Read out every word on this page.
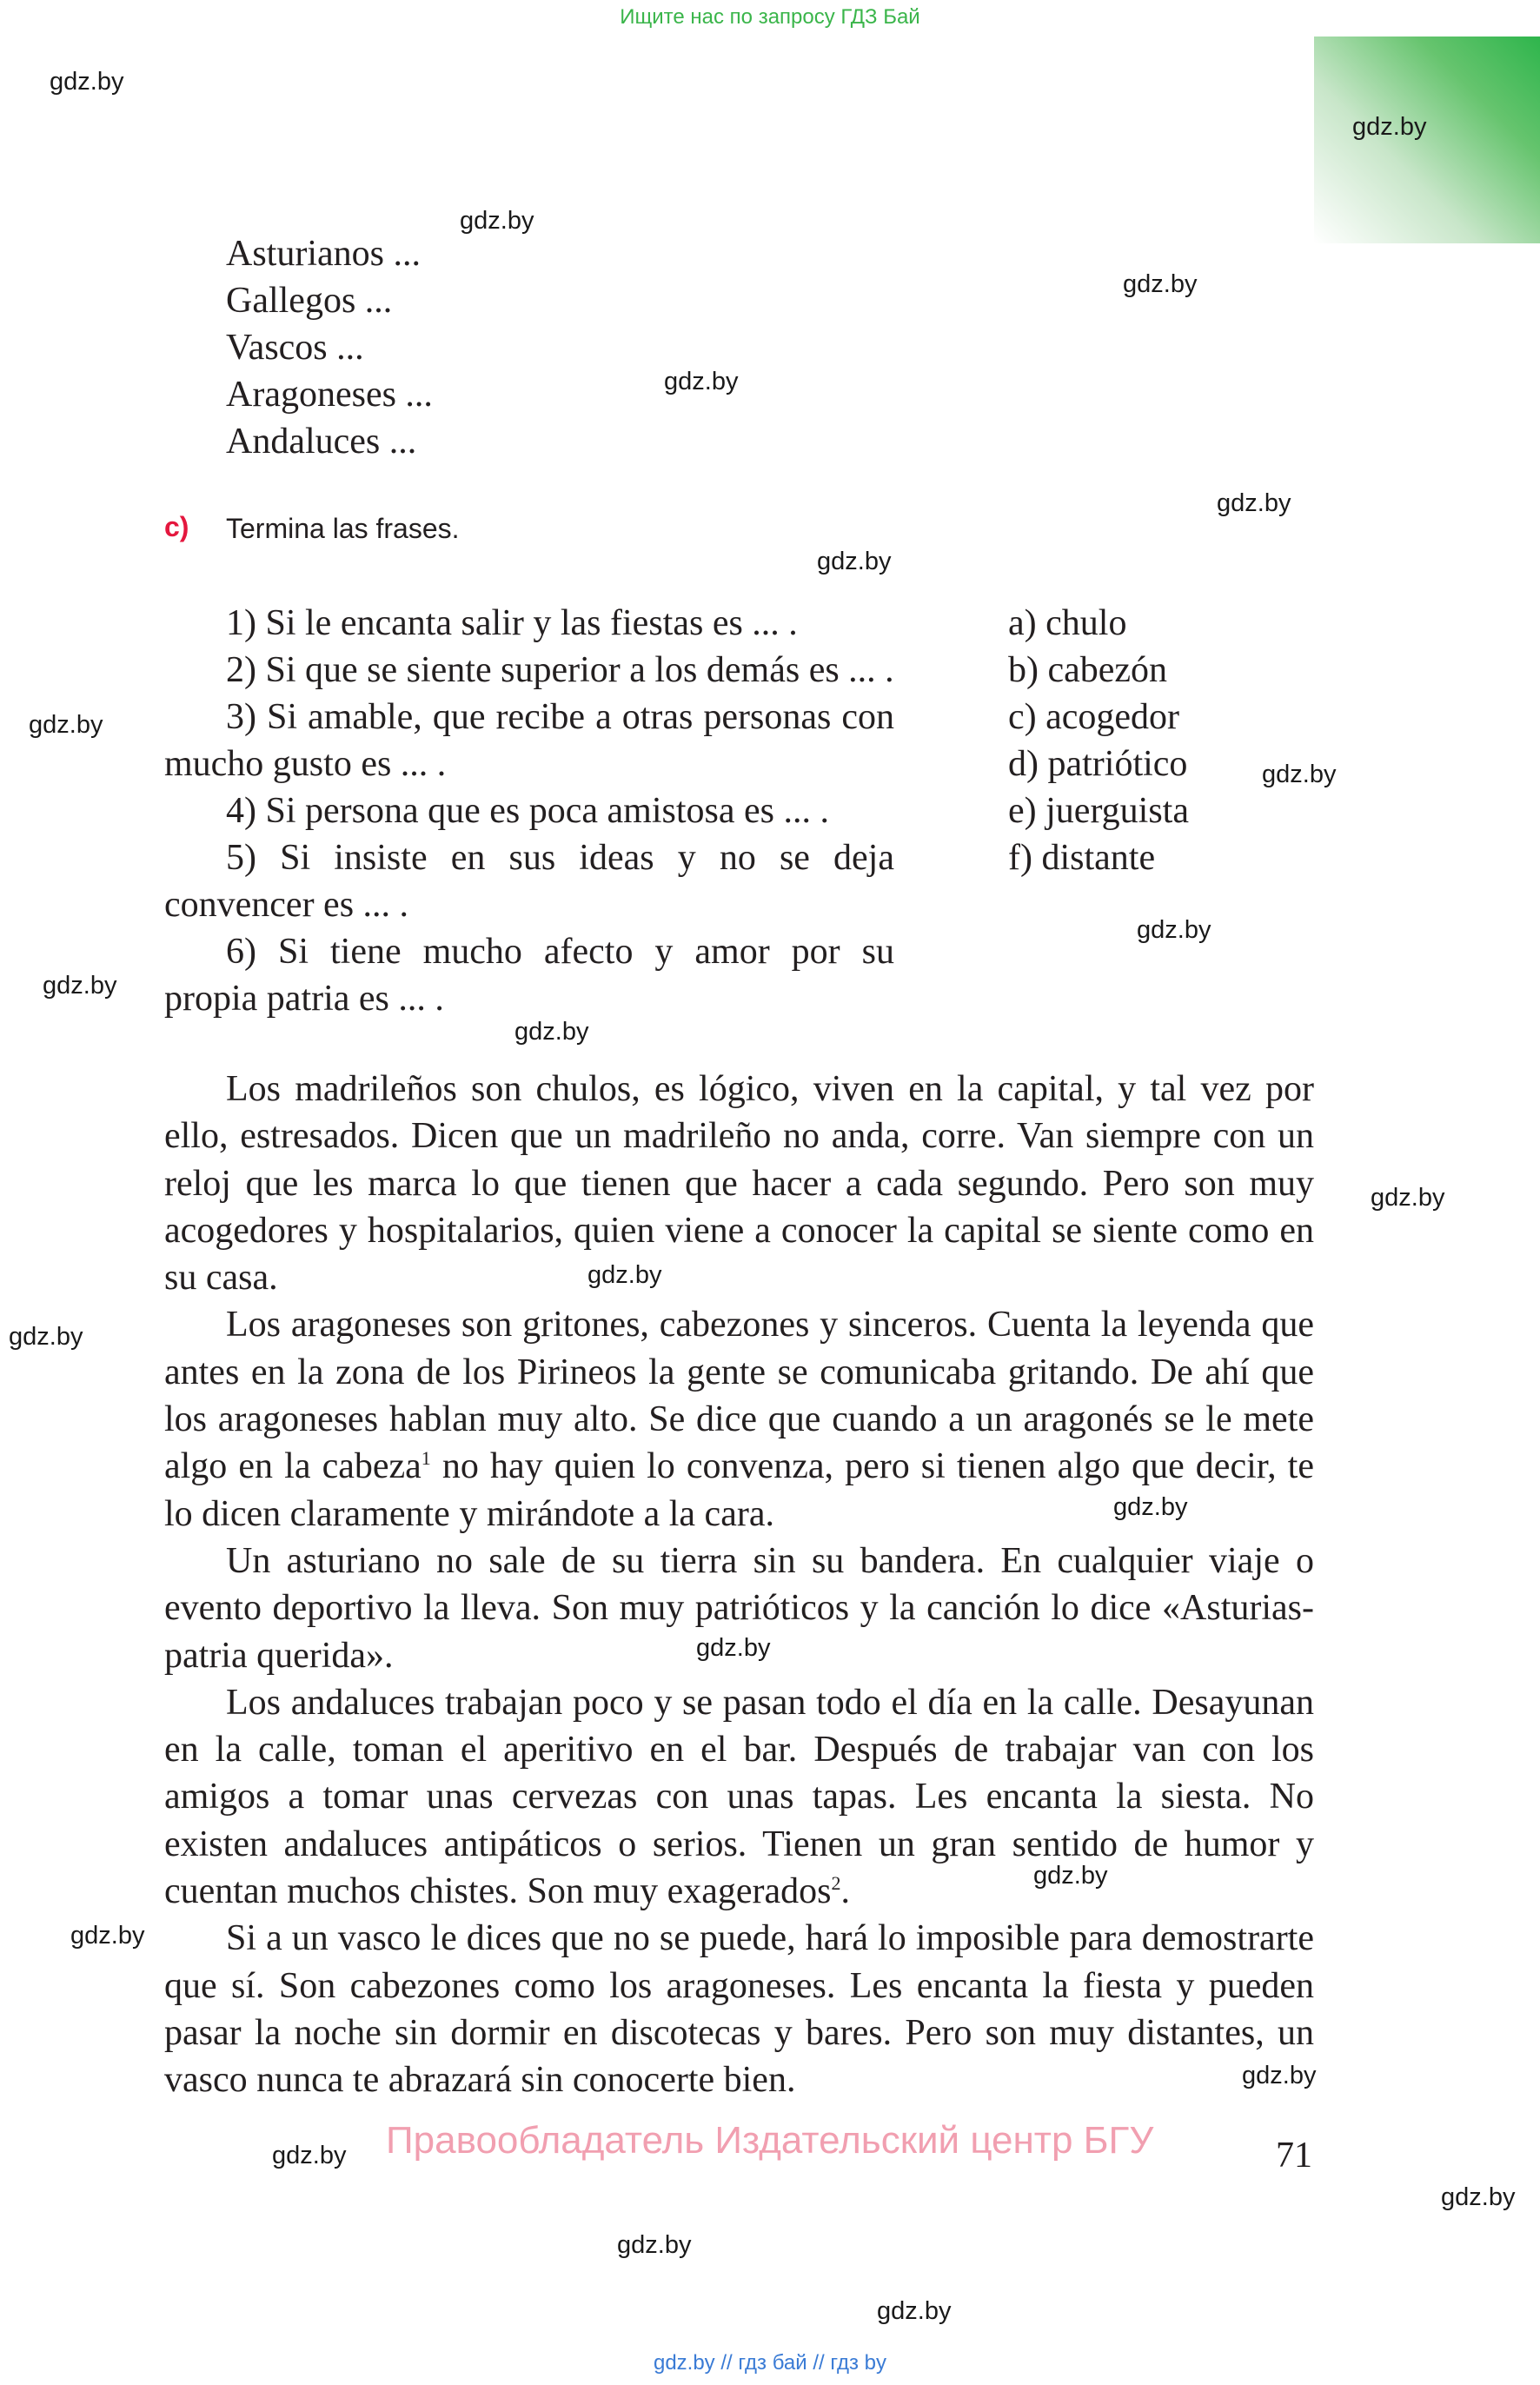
Ищите нас по запросу ГДЗ Бай
gdz.by
gdz.by
gdz.by
gdz.by
gdz.by
gdz.by
gdz.by
gdz.by
gdz.by
gdz.by
gdz.by
gdz.by
gdz.by
gdz.by
gdz.by
gdz.by
gdz.by
gdz.by
gdz.by
gdz.by
gdz.by
gdz.by
gdz.by
gdz.by
Asturianos ...
Gallegos ...
Vascos ...
Aragoneses ...
Andaluces ...
c) Termina las frases.

1) Si le encanta salir y las fiestas es ... .

2) Si que se siente superior a los demás es ... .

3) Si amable, que recibe a otras personas con mucho gusto es ... .

4) Si persona que es poca amistosa es ... .

5) Si insiste en sus ideas y no se deja convencer es ... .

6) Si tiene mucho afecto y amor por su propia patria es ... .

a) chulo
b) cabezón
c) acogedor
d) patriótico
e) juerguista
f) distante

Los madrileños son chulos, es lógico, viven en la capital, y tal vez por ello, estresados. Dicen que un madrileño no anda, corre. Van siempre con un reloj que les marca lo que tienen que hacer a cada segundo. Pero son muy acogedores y hospitalarios, quien viene a conocer la capital se siente como en su casa.

Los aragoneses son gritones, cabezones y sinceros. Cuenta la leyenda que antes en la zona de los Pirineos la gente se comunicaba gritando. De ahí que los aragoneses hablan muy alto. Se dice que cuando a un aragonés se le mete algo en la cabeza$^1$ no hay quien lo convenza, pero si tienen algo que decir, te lo dicen claramente y mirándote a la cara.

Un asturiano no sale de su tierra sin su bandera. En cualquier viaje o evento deportivo la lleva. Son muy patrióticos y la canción lo dice «Asturias-patria querida».

Los andaluces trabajan poco y se pasan todo el día en la calle. Desayunan en la calle, toman el aperitivo en el bar. Después de trabajar van con los amigos a tomar unas cervezas con unas tapas. Les encanta la siesta. No existen andaluces antipáticos o serios. Tienen un gran sentido de humor y cuentan muchos chistes. Son muy exagerados$^2$.

Si a un vasco le dices que no se puede, hará lo imposible para demostrarte que sí. Son cabezones como los aragoneses. Les encanta la fiesta y pueden pasar la noche sin dormir en discotecas y bares. Pero son muy distantes, un vasco nunca te abrazará sin conocerte bien.

Правообладатель Издательский центр БГУ	71
gdz.by // гдз бай // гдз by
